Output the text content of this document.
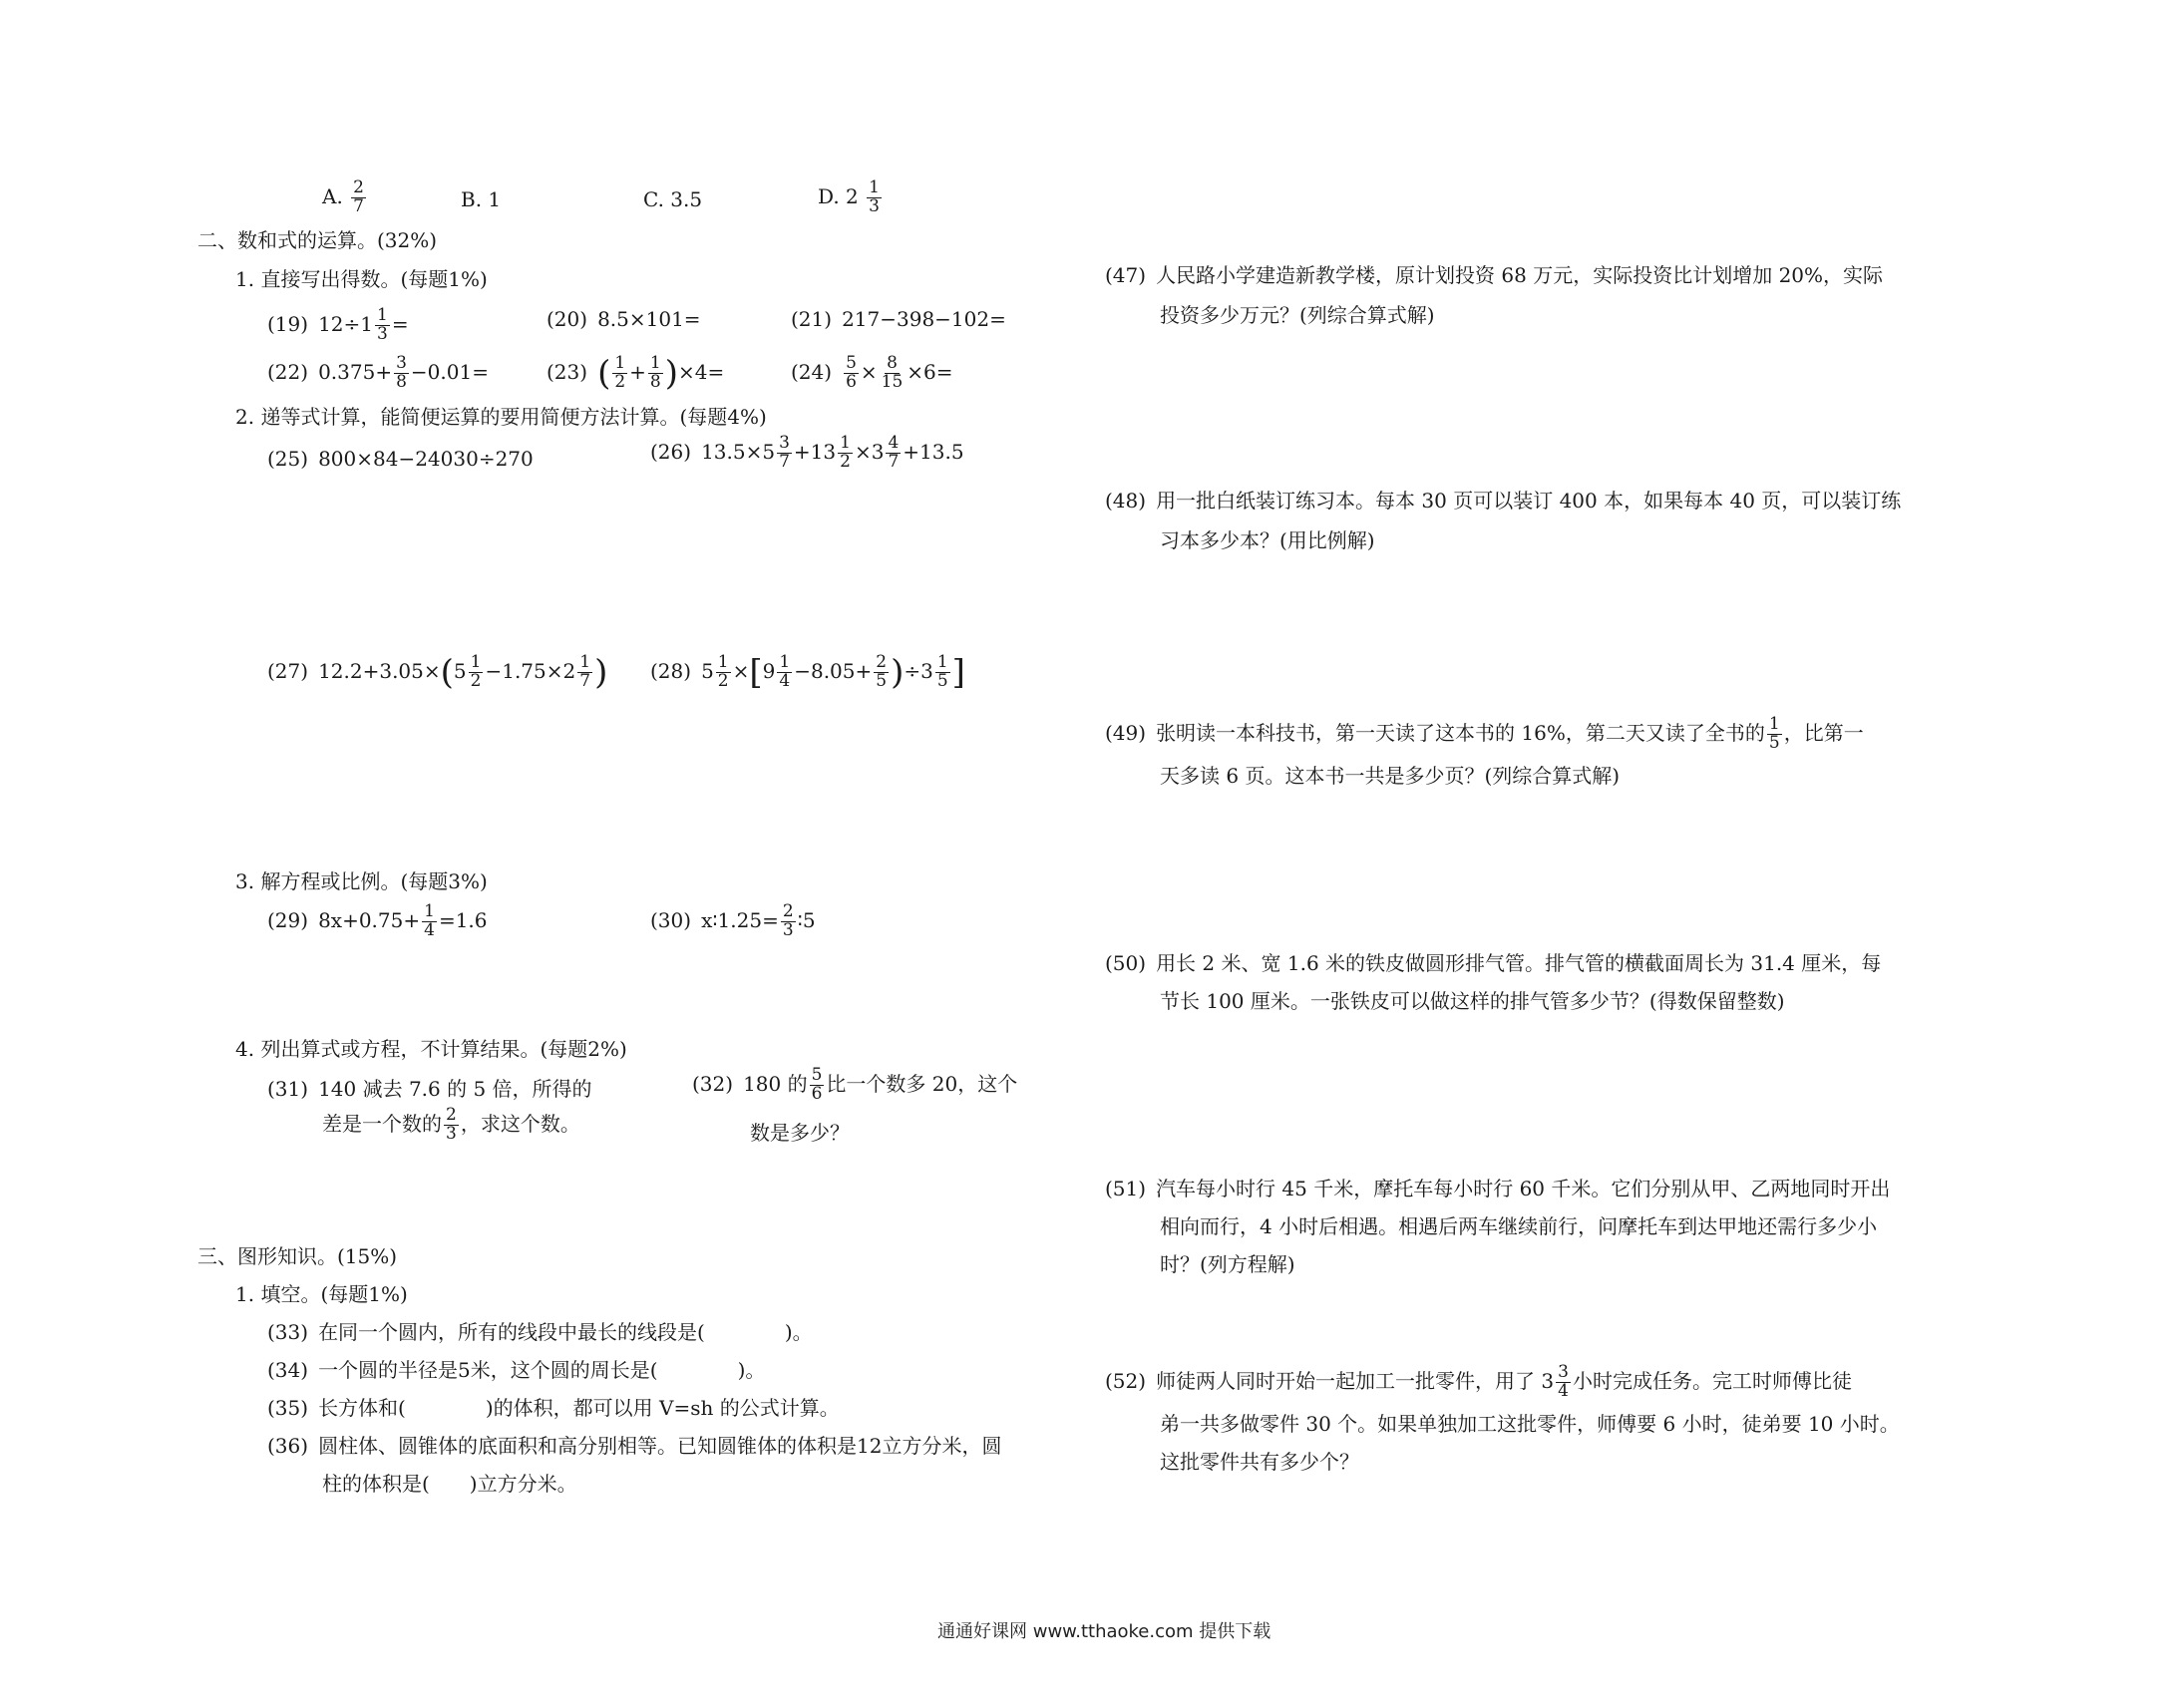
A. $\frac{2}{7}$	B. 1	C. 3.5	D. $2 \frac{1}{3}$
二、数和式的运算。(32%)
1. 直接写出得数。(每题1%)
(19) $12\div 1 \frac{1}{3}$ =	(20) 8.5×101=	(21) 217−398−102=
(22) $0.375+ \frac{3}{8} -0.01=$	(23) ( $\frac{1}{2} + \frac{1}{8} )\times 4=$	$(24) \frac{5}{6} \times \frac{8}{15} \times 6=$
2. 递等式计算，能简便运算的要用简便方法计算。(每题4%)
(25) 800×84−24030÷270	(26) $13.5\times 5 \frac{3}{7} +13 \frac{1}{2} \times 3 \frac{4}{7} +13.5$
(27) $12.2+3.05\times(5 \frac{1}{2} -1.75\times 2 \frac{1}{7}$ ) (28) $5 \frac{1}{2} \times[9 \frac{1}{4} -8.05+ \frac{2}{5} )\div 3 \frac{1}{5}$ ]
3. 解方程或比例。(每题3%)
(29) $8x+0.75+ \frac{1}{4} =1.6$	(30) x∶1.25= $\frac{2}{3}$ ∶5
4. 列出算式或方程，不计算结果。(每题2%)
(31) 140 减去 7.6 的 5 倍，所得的
差是一个数的 $\frac{2}{3}$ ，求这个数。
(32) 180 的 $\frac{5}{6}$ 比一个数多 20，这个
数是多少？
三、图形知识。(15%)
1. 填空。(每题1%)
(33) 在同一个圆内，所有的线段中最长的线段是(　　　　)。
(34) 一个圆的半径是5米，这个圆的周长是(　　　　)。
(35) 长方体和(　　　　)的体积，都可以用 V=sh 的公式计算。
(36) 圆柱体、圆锥体的底面积和高分别相等。已知圆锥体的体积是12立方分米，圆
柱的体积是(　　)立方分米。
(47) 人民路小学建造新教学楼，原计划投资 68 万元，实际投资比计划增加 20%，实际
投资多少万元？(列综合算式解)
(48) 用一批白纸装订练习本。每本 30 页可以装订 400 本，如果每本 40 页，可以装订练
习本多少本？(用比例解)
(49) 张明读一本科技书，第一天读了这本书的 16%，第二天又读了全书的 $\frac{1}{5}$ ，比第一
天多读 6 页。这本书一共是多少页？(列综合算式解)
(50) 用长 2 米、宽 1.6 米的铁皮做圆形排气管。排气管的横截面周长为 31.4 厘米，每
节长 100 厘米。一张铁皮可以做这样的排气管多少节？(得数保留整数)
(51) 汽车每小时行 45 千米，摩托车每小时行 60 千米。它们分别从甲、乙两地同时开出
相向而行，4 小时后相遇。相遇后两车继续前行，问摩托车到达甲地还需行多少小
时？(列方程解)
(52) 师徒两人同时开始一起加工一批零件，用了 $3 \frac{3}{4}$ 小时完成任务。完工时师傅比徒
弟一共多做零件 30 个。如果单独加工这批零件，师傅要 6 小时，徒弟要 10 小时。
这批零件共有多少个？
通通好课网 www.tthaoke.com 提供下载
